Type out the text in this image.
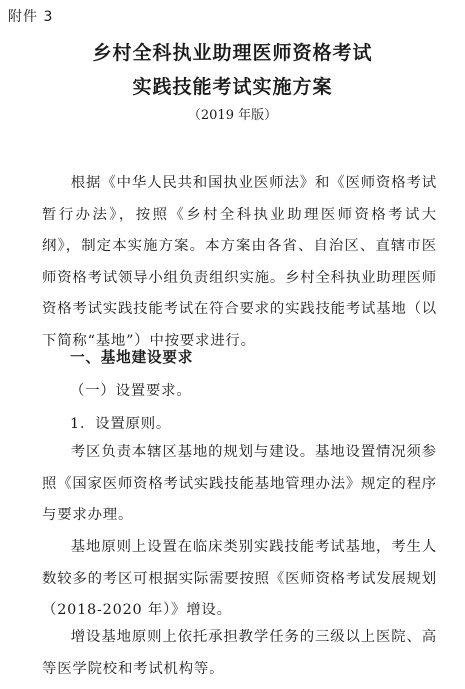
附件 3
乡村全科执业助理医师资格考试
实践技能考试实施方案
（2019 年版）
根据《中华人民共和国执业医师法》和《医师资格考试暂行办法》，按照《乡村全科执业助理医师资格考试大纲》，制定本实施方案。本方案由各省、自治区、直辖市医师资格考试领导小组负责组织实施。乡村全科执业助理医师资格考试实践技能考试在符合要求的实践技能考试基地（以下简称“基地”）中按要求进行。
一、基地建设要求
（一）设置要求。
1．设置原则。
考区负责本辖区基地的规划与建设。基地设置情况须参照《国家医师资格考试实践技能基地管理办法》规定的程序与要求办理。
基地原则上设置在临床类别实践技能考试基地，考生人数较多的考区可根据实际需要按照《医师资格考试发展规划（2018-2020 年）》增设。
增设基地原则上依托承担教学任务的三级以上医院、高等医学院校和考试机构等。
